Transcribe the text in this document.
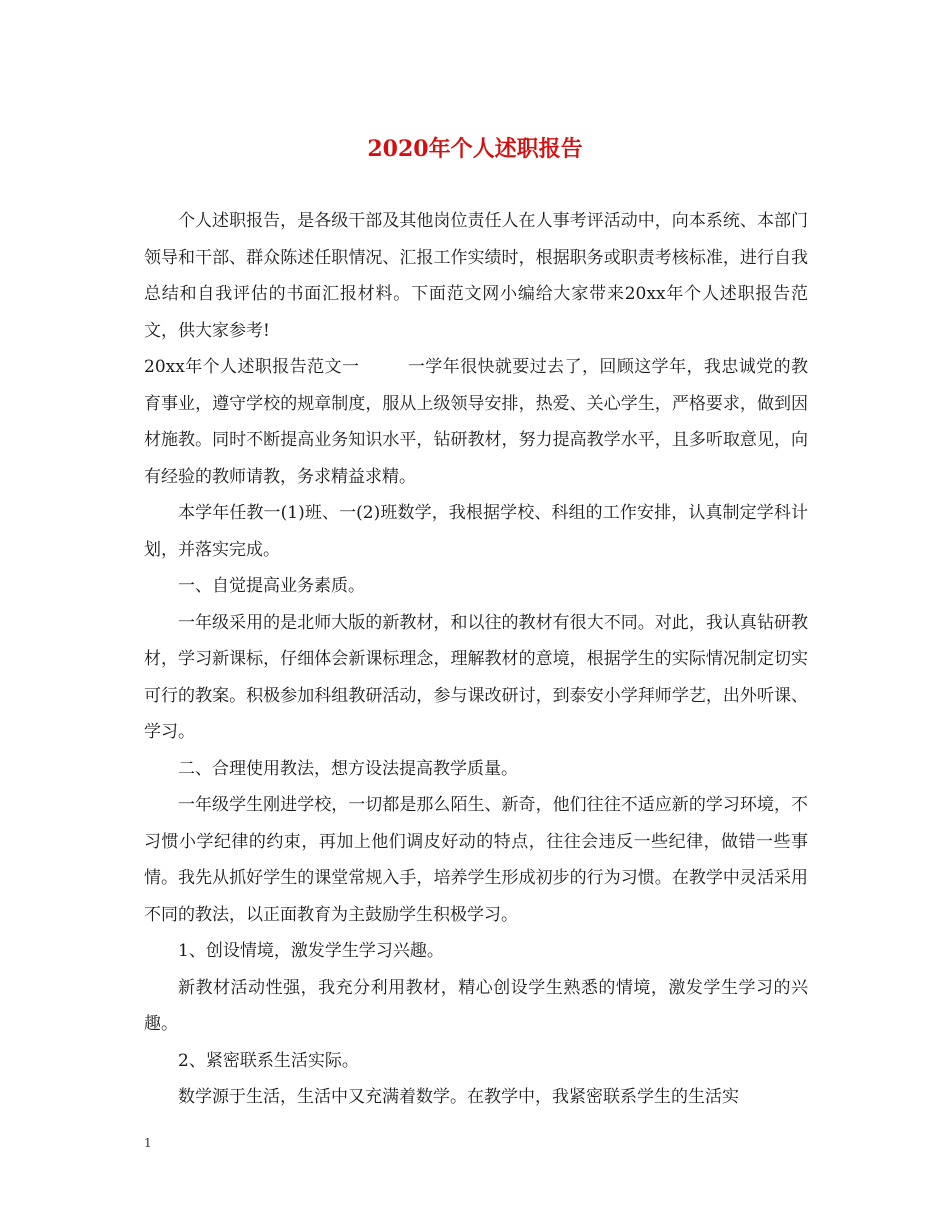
2020年个人述职报告

个人述职报告，是各级干部及其他岗位责任人在人事考评活动中，向本系统、本部门领导和干部、群众陈述任职情况、汇报工作实绩时，根据职务或职责考核标准，进行自我总结和自我评估的书面汇报材料。下面范文网小编给大家带来20xx年个人述职报告范文，供大家参考!

20xx年个人述职报告范文一	一学年很快就要过去了，回顾这学年，我忠诚党的教育事业，遵守学校的规章制度，服从上级领导安排，热爱、关心学生，严格要求，做到因材施教。同时不断提高业务知识水平，钻研教材，努力提高教学水平，且多听取意见，向有经验的教师请教，务求精益求精。

本学年任教一(1)班、一(2)班数学，我根据学校、科组的工作安排，认真制定学科计划，并落实完成。

一、自觉提高业务素质。

一年级采用的是北师大版的新教材，和以往的教材有很大不同。对此，我认真钻研教材，学习新课标，仔细体会新课标理念，理解教材的意境，根据学生的实际情况制定切实可行的教案。积极参加科组教研活动，参与课改研讨，到泰安小学拜师学艺，出外听课、学习。

二、合理使用教法，想方设法提高教学质量。

一年级学生刚进学校，一切都是那么陌生、新奇，他们往往不适应新的学习环境，不习惯小学纪律的约束，再加上他们调皮好动的特点，往往会违反一些纪律，做错一些事情。我先从抓好学生的课堂常规入手，培养学生形成初步的行为习惯。在教学中灵活采用不同的教法，以正面教育为主鼓励学生积极学习。

1、创设情境，激发学生学习兴趣。

新教材活动性强，我充分利用教材，精心创设学生熟悉的情境，激发学生学习的兴趣。

2、紧密联系生活实际。

数学源于生活，生活中又充满着数学。在教学中，我紧密联系学生的生活实

1
